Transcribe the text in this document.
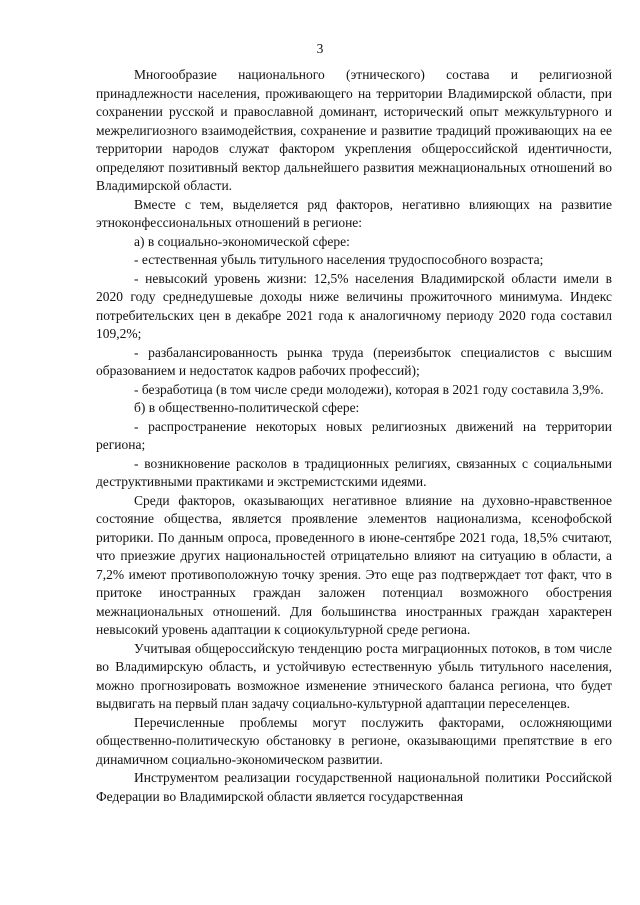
3

Многообразие национального (этнического) состава и религиозной принадлежности населения, проживающего на территории Владимирской области, при сохранении русской и православной доминант, исторический опыт межкультурного и межрелигиозного взаимодействия, сохранение и развитие традиций проживающих на ее территории народов служат фактором укрепления общероссийской идентичности, определяют позитивный вектор дальнейшего развития межнациональных отношений во Владимирской области.

Вместе с тем, выделяется ряд факторов, негативно влияющих на развитие этноконфессиональных отношений в регионе:

а) в социально-экономической сфере:

- естественная убыль титульного населения трудоспособного возраста;

- невысокий уровень жизни: 12,5% населения Владимирской области имели в 2020 году среднедушевые доходы ниже величины прожиточного минимума. Индекс потребительских цен в декабре 2021 года к аналогичному периоду 2020 года составил 109,2%;

- разбалансированность рынка труда (переизбыток специалистов с высшим образованием и недостаток кадров рабочих профессий);

- безработица (в том числе среди молодежи), которая в 2021 году составила 3,9%.

б) в общественно-политической сфере:

- распространение некоторых новых религиозных движений на территории региона;

- возникновение расколов в традиционных религиях, связанных с социальными деструктивными практиками и экстремистскими идеями.

Среди факторов, оказывающих негативное влияние на духовно-нравственное состояние общества, является проявление элементов национализма, ксенофобской риторики. По данным опроса, проведенного в июне-сентябре 2021 года, 18,5% считают, что приезжие других национальностей отрицательно влияют на ситуацию в области, а 7,2% имеют противоположную точку зрения. Это еще раз подтверждает тот факт, что в притоке иностранных граждан заложен потенциал возможного обострения межнациональных отношений. Для большинства иностранных граждан характерен невысокий уровень адаптации к социокультурной среде региона.

Учитывая общероссийскую тенденцию роста миграционных потоков, в том числе во Владимирскую область, и устойчивую естественную убыль титульного населения, можно прогнозировать возможное изменение этнического баланса региона, что будет выдвигать на первый план задачу социально-культурной адаптации переселенцев.

Перечисленные проблемы могут послужить факторами, осложняющими общественно-политическую обстановку в регионе, оказывающими препятствие в его динамичном социально-экономическом развитии.

Инструментом реализации государственной национальной политики Российской Федерации во Владимирской области является государственная
